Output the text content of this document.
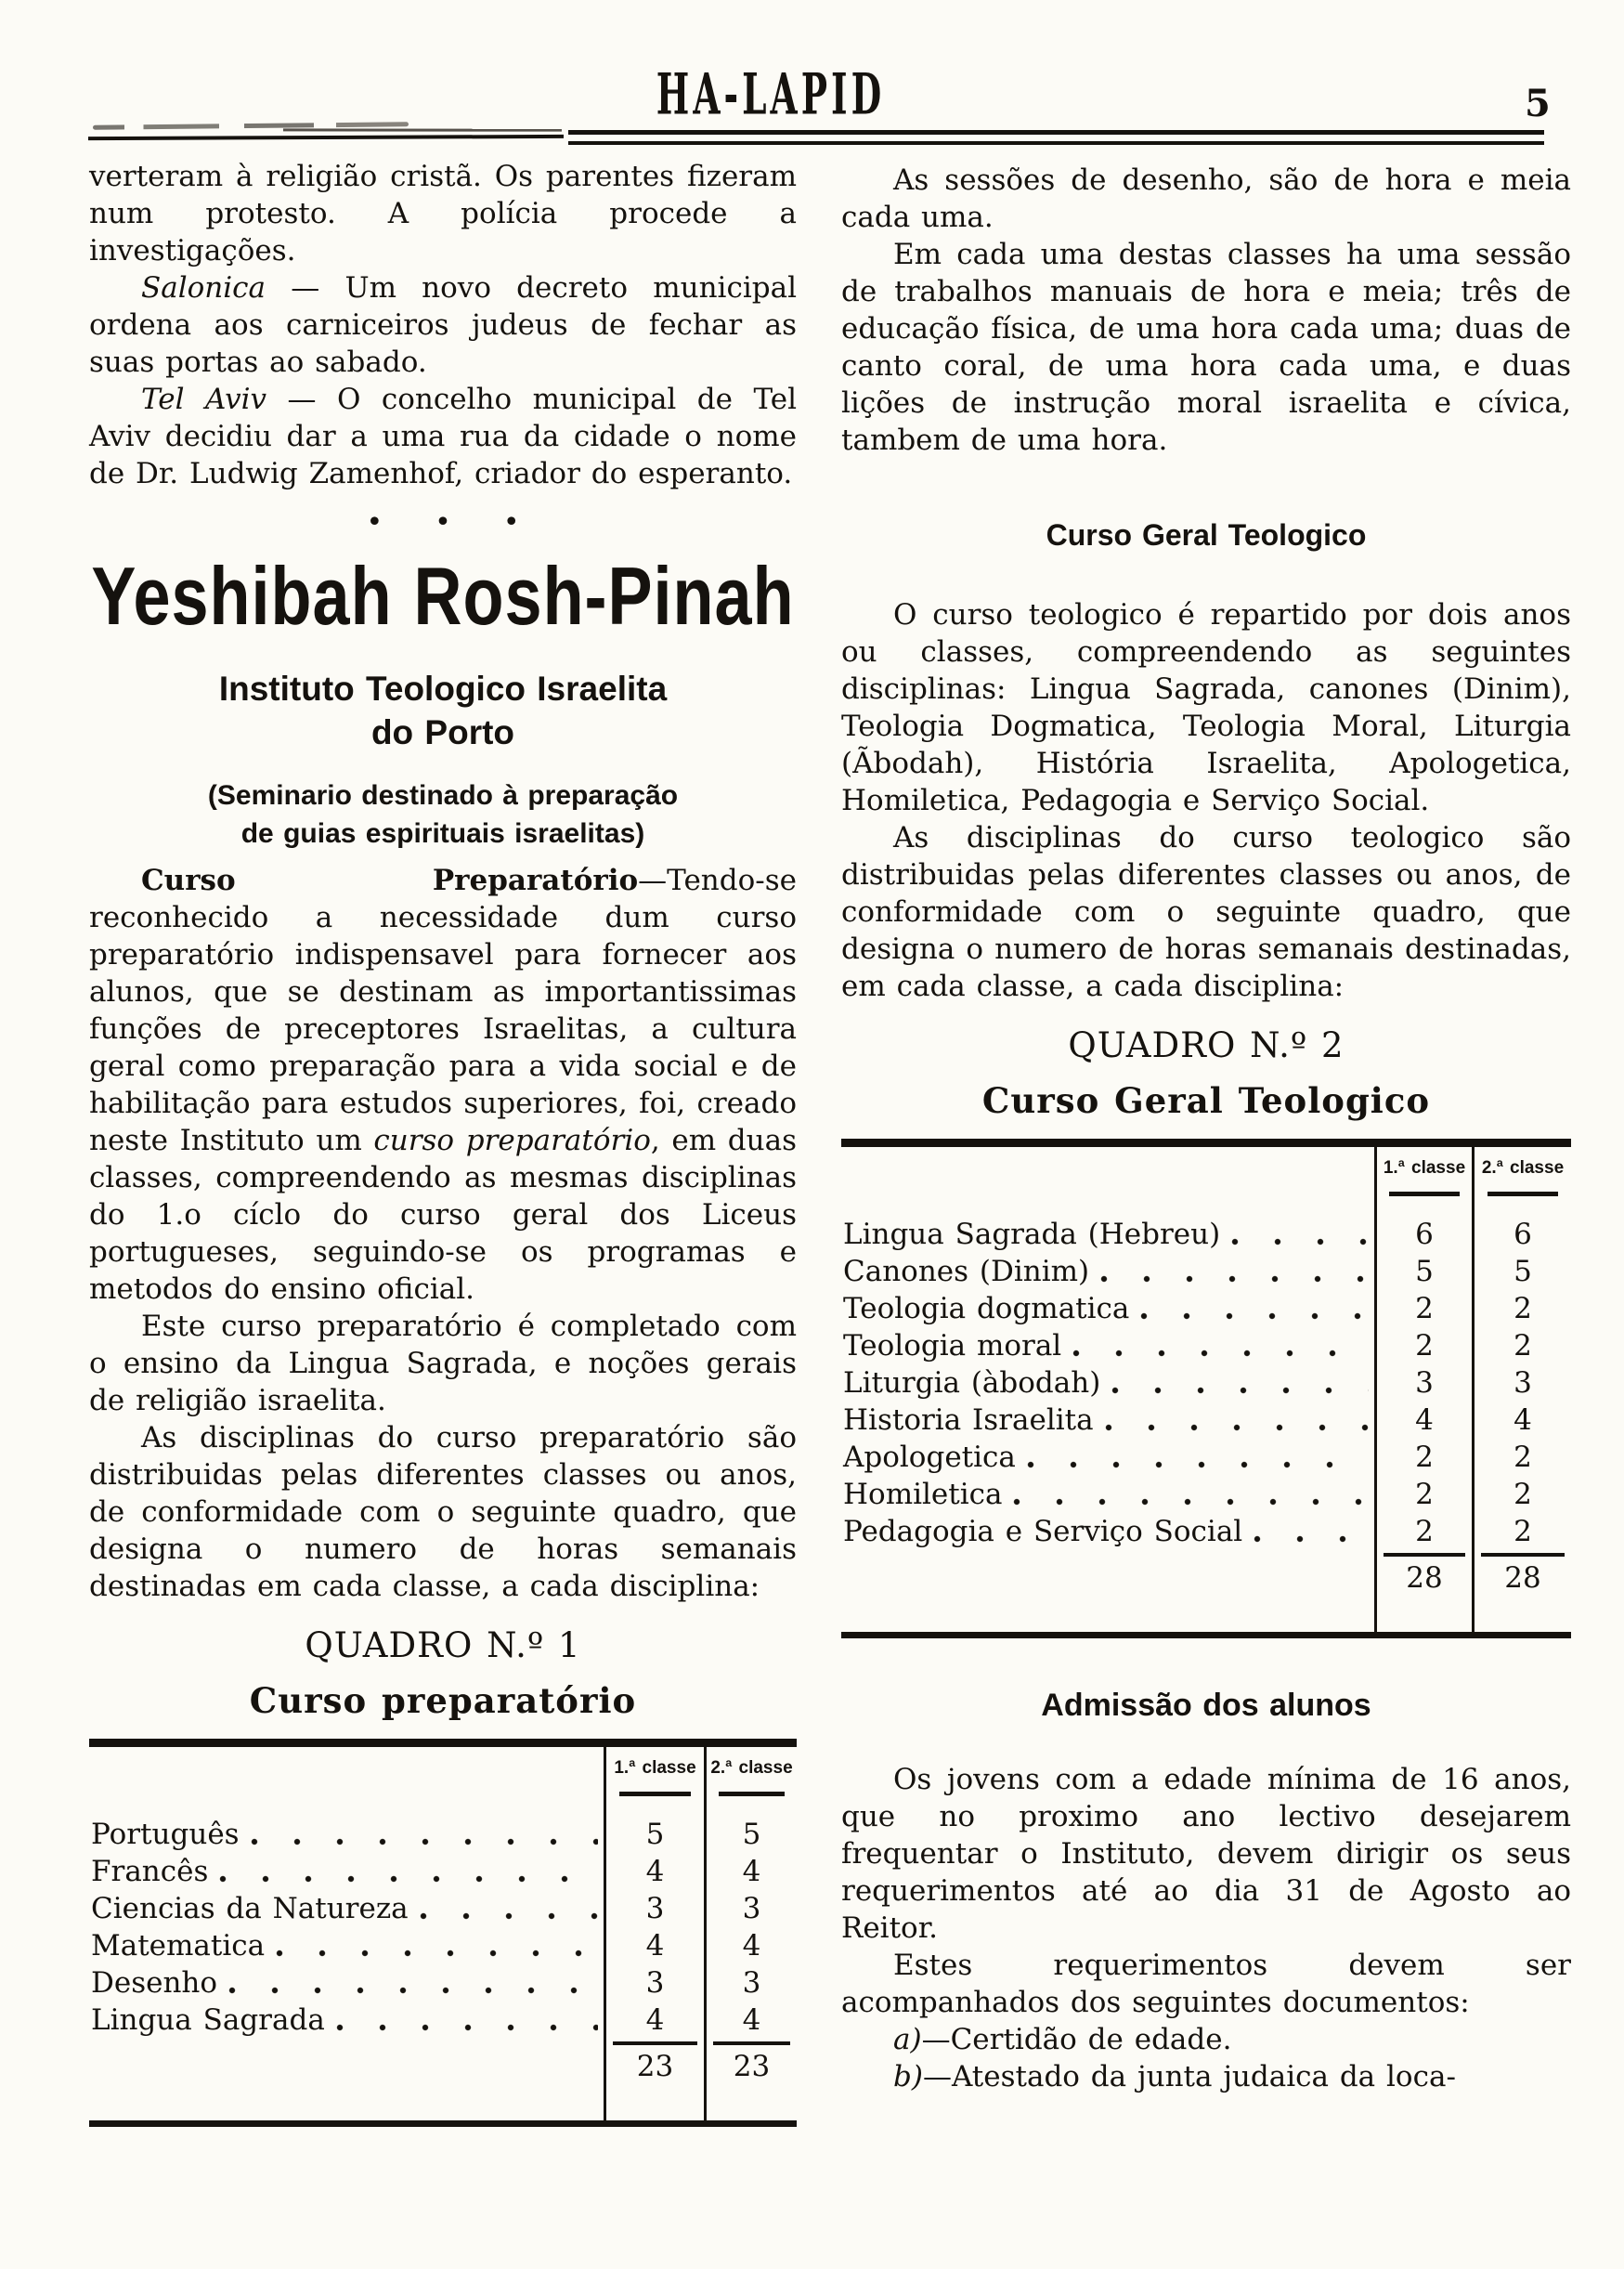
HA-LAPID	5

verteram à religião cristã. Os parentes fizeram num protesto. A polícia procede a investigações.

Salonica — Um novo decreto municipal ordena aos carniceiros judeus de fechar as suas portas ao sabado.

Tel Aviv — O concelho municipal de Tel Aviv decidiu dar a uma rua da cidade o nome de Dr. Ludwig Zamenhof, criador do esperanto.

•••
Yeshibah Rosh-Pinah
Instituto Teologico Israelita
do Porto
(Seminario destinado à preparação
de guias espirituais israelitas)

Curso Preparatório—Tendo-se reconhecido a necessidade dum curso preparatório indispensavel para fornecer aos alunos, que se destinam as importantissimas funções de preceptores Israelitas, a cultura geral como preparação para a vida social e de habilitação para estudos superiores, foi, creado neste Instituto um curso preparatório, em duas classes, compreendendo as mesmas disciplinas do 1.o cíclo do curso geral dos Liceus portugueses, seguindo-se os programas e metodos do ensino oficial.

Este curso preparatório é completado com o ensino da Lingua Sagrada, e noções gerais de religião israelita.

As disciplinas do curso preparatório são distribuidas pelas diferentes classes ou anos, de conformidade com o seguinte quadro, que designa o numero de horas semanais destinadas em cada classe, a cada disciplina:

QUADRO N.º 1
Curso preparatório
1.ª classe 2.ª classe
Português	5	5
Francês	4	4
Ciencias da Natureza	3	3
Matematica	4	4
Desenho	3	3
Lingua Sagrada	4	4
23	23

As sessões de desenho, são de hora e meia cada uma.

Em cada uma destas classes ha uma sessão de trabalhos manuais de hora e meia; três de educação física, de uma hora cada uma; duas de canto coral, de uma hora cada uma, e duas lições de instrução moral israelita e cívica, tambem de uma hora.

Curso Geral Teologico

O curso teologico é repartido por dois anos ou classes, compreendendo as seguintes disciplinas: Lingua Sagrada, canones (Dinim), Teologia Dogmatica, Teologia Moral, Liturgia (Ãbodah), História Israelita, Apologetica, Homiletica, Pedagogia e Serviço Social.

As disciplinas do curso teologico são distribuidas pelas diferentes classes ou anos, de conformidade com o seguinte quadro, que designa o numero de horas semanais destinadas, em cada classe, a cada disciplina:

QUADRO N.º 2
Curso Geral Teologico
1.ª classe 2.ª classe
Lingua Sagrada (Hebreu)	6	6
Canones (Dinim)	5	5
Teologia dogmatica	2	2
Teologia moral	2	2
Liturgia (àbodah)	3	3
Historia Israelita	4	4
Apologetica	2	2
Homiletica	2	2
Pedagogia e Serviço Social	2	2
28	28
Admissão dos alunos

Os jovens com a edade mínima de 16 anos, que no proximo ano lectivo desejarem frequentar o Instituto, devem dirigir os seus requerimentos até ao dia 31 de Agosto ao Reitor.

Estes requerimentos devem ser acompanhados dos seguintes documentos:

a)—Certidão de edade.

b)—Atestado da junta judaica da loca-
